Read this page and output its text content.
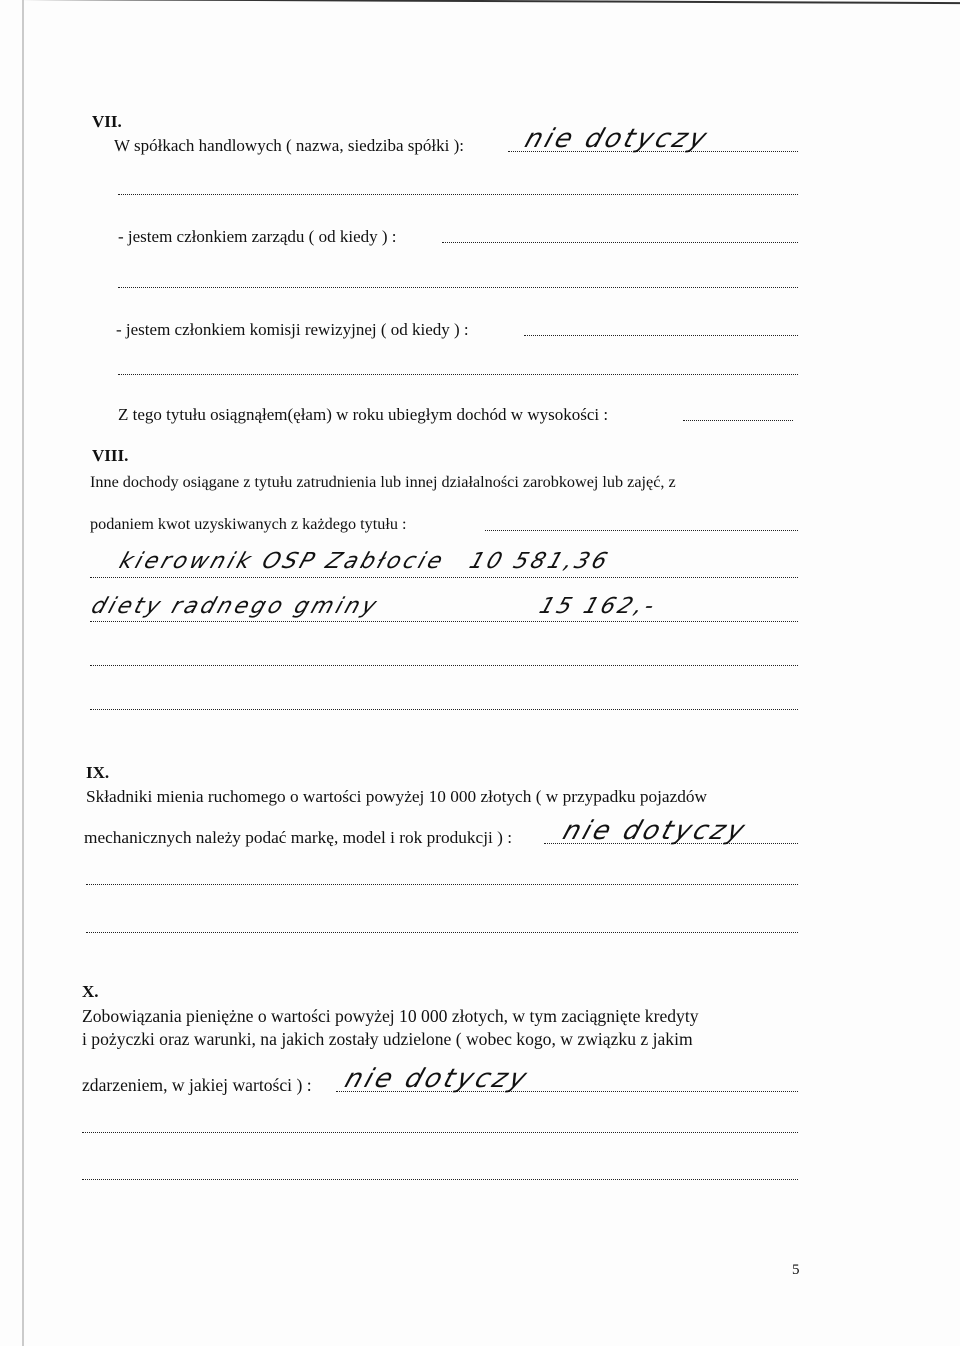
VII.
W spółkach handlowych ( nazwa, siedziba spółki ): nie dotyczy
- jestem członkiem zarządu ( od kiedy ) :
- jestem członkiem komisji rewizyjnej ( od kiedy ) :
Z tego tytułu osiągnąłem(ęłam) w roku ubiegłym dochód w wysokości :
VIII.
Inne dochody osiągane z tytułu zatrudnienia lub innej działalności zarobkowej lub zajęć, z
podaniem kwot uzyskiwanych z każdego tytułu :
kierownik OSP Zabłocie 10 581,36
diety radnego gminy	15 162,-
IX.
Składniki mienia ruchomego o wartości powyżej 10 000 złotych ( w przypadku pojazdów
mechanicznych należy podać markę, model i rok produkcji ) : nie dotyczy
X.
Zobowiązania pieniężne o wartości powyżej 10 000 złotych, w tym zaciągnięte kredyty
i pożyczki oraz warunki, na jakich zostały udzielone ( wobec kogo, w związku z jakim
zdarzeniem, w jakiej wartości ) : nie dotyczy
5
